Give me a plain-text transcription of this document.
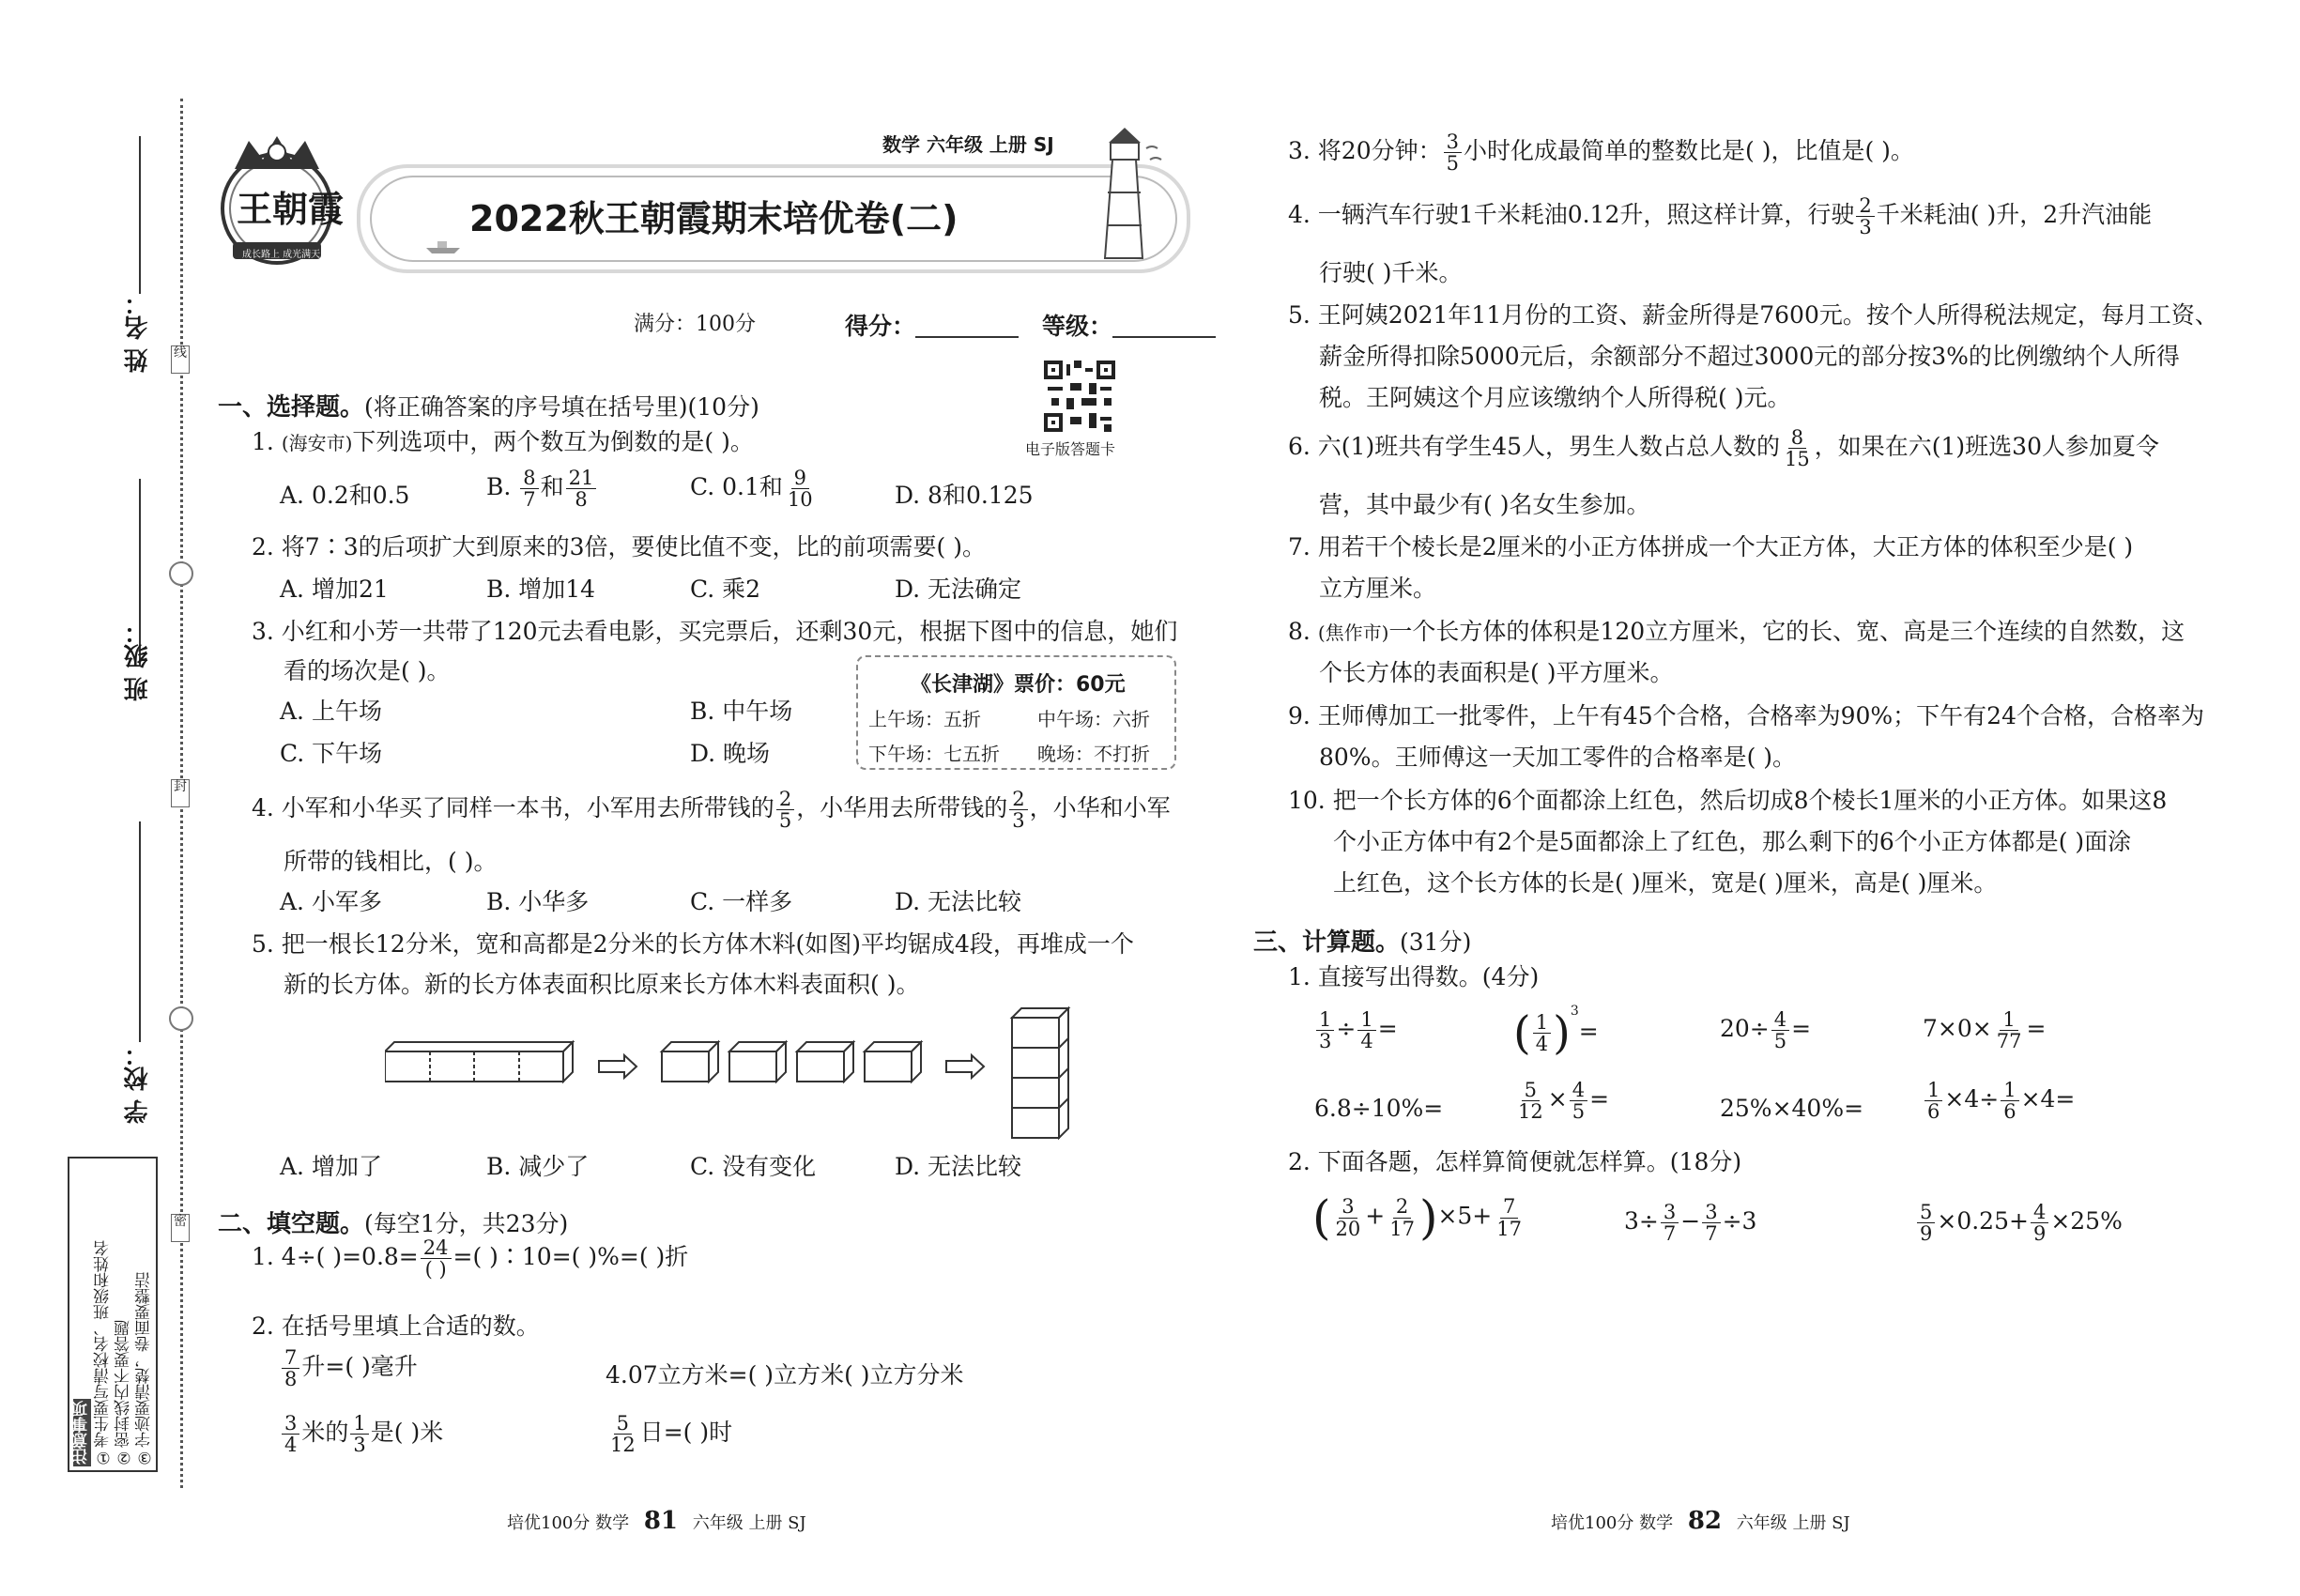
线
封
密
姓 名：
班 级：
学 校：
注意事项 ①考生要写清校名、班级和姓名 ②密封线内不要答题 ③字迹要清楚，卷面要整洁
王朝霞
成长路上 成光满天
数学 六年级 上册 SJ
2022秋王朝霞期末培优卷(二)
满分：100分	得分：	等级：
电子版答题卡
一、选择题。(将正确答案的序号填在括号里)(10分)
1. (海安市)下列选项中，两个数互为倒数的是( )。
A. 0.2和0.5	B. $\frac{8}{7}$ 和 $\frac{21}{8}$	C. 0.1和 $\frac{9}{10}$	D. 8和0.125
2. 将7∶3的后项扩大到原来的3倍，要使比值不变，比的前项需要( )。
A. 增加21	B. 增加14	C. 乘2	D. 无法确定
3. 小红和小芳一共带了120元去看电影，买完票后，还剩30元，根据下图中的信息，她们
看的场次是( )。
A. 上午场	B. 中午场
C. 下午场	D. 晚场
《长津湖》票价：60元
上午场：五折	中午场：六折
下午场：七五折 晚场：不打折
4. 小军和小华买了同样一本书，小军用去所带钱的 $\frac{2}{5}$ ，小华用去所带钱的 $\frac{2}{3}$ ，小华和小军
所带的钱相比，( )。
A. 小军多	B. 小华多	C. 一样多	D. 无法比较
5. 把一根长12分米，宽和高都是2分米的长方体木料(如图)平均锯成4段，再堆成一个
新的长方体。新的长方体表面积比原来长方体木料表面积( )。
A. 增加了	B. 减少了	C. 没有变化	D. 无法比较
二、填空题。(每空1分，共23分)
1. 4÷( )=0.8= 24
( ) =( )∶10=( )%=( )折
2. 在括号里填上合适的数。
$\frac{7}{8}$ 升=( )毫升	4.07立方米=( )立方米( )立方分米
$\frac{3}{4}$ 米的 $\frac{1}{3}$ 是( )米	$\frac{5}{12}$ 日=( )时
3. 将20分钟： $\frac{3}{5}$ 小时化成最简单的整数比是( )，比值是( )。
4. 一辆汽车行驶1千米耗油0.12升，照这样计算，行驶 $\frac{2}{3}$ 千米耗油( )升，2升汽油能
行驶( )千米。
5. 王阿姨2021年11月份的工资、薪金所得是7600元。按个人所得税法规定，每月工资、
薪金所得扣除5000元后，余额部分不超过3000元的部分按3%的比例缴纳个人所得
税。王阿姨这个月应该缴纳个人所得税( )元。
6. 六(1)班共有学生45人，男生人数占总人数的 $\frac{8}{15}$ ，如果在六(1)班选30人参加夏令
营，其中最少有( )名女生参加。
7. 用若干个棱长是2厘米的小正方体拼成一个大正方体，大正方体的体积至少是( )
立方厘米。
8. (焦作市)一个长方体的体积是120立方厘米，它的长、宽、高是三个连续的自然数，这
个长方体的表面积是( )平方厘米。
9. 王师傅加工一批零件，上午有45个合格，合格率为90%；下午有24个合格，合格率为
80%。王师傅这一天加工零件的合格率是( )。
10. 把一个长方体的6个面都涂上红色，然后切成8个棱长1厘米的小正方体。如果这8
个小正方体中有2个是5面都涂上了红色，那么剩下的6个小正方体都是( )面涂
上红色，这个长方体的长是( )厘米，宽是( )厘米，高是( )厘米。
三、计算题。(31分)
1. 直接写出得数。(4分)
$\frac{1}{3} \div \frac{1}{4}$ =	( $\frac{1}{4} )^3=$	$20\div \frac{4}{5}$ =	$7\times 0\times \frac{1}{77}$ =
6.8÷10%=	$\frac{5}{12} \times \frac{4}{5}$ =	25%×40%=	$\frac{1}{6} \times 4\div \frac{1}{6} \times 4=$
2. 下面各题，怎样算简便就怎样算。(18分)
( $\frac{3}{20} + \frac{2}{17} )\times 5+ \frac{7}{17}$	$3\div \frac{3}{7} - \frac{3}{7} \div 3$	$\frac{5}{9} \times 0.25+ \frac{4}{9} \times 25\%$
培优100分 数学 81 六年级 上册 SJ	培优100分 数学 82 六年级 上册 SJ
